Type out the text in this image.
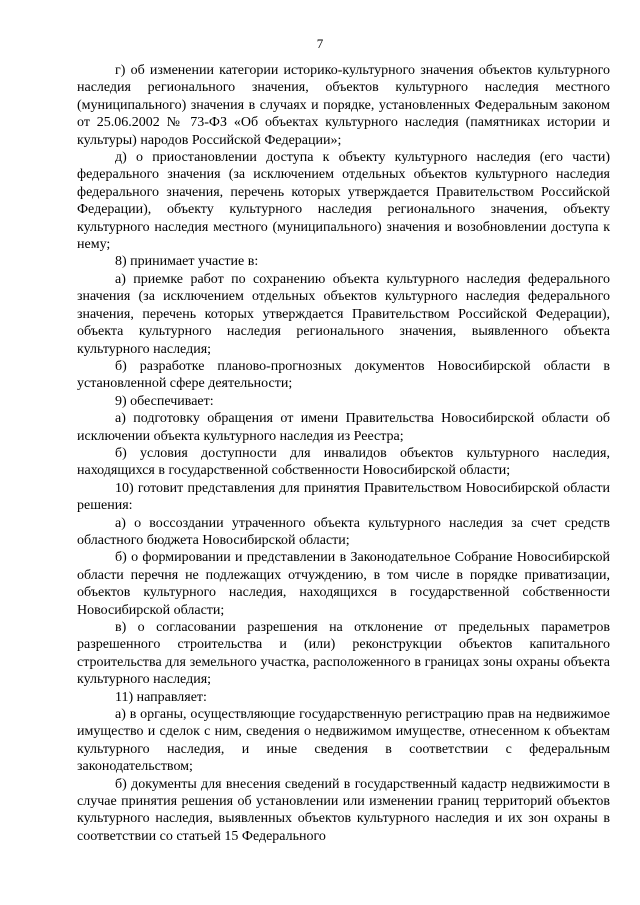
7

г) об изменении категории историко-культурного значения объектов культурного наследия регионального значения, объектов культурного наследия местного (муниципального) значения в случаях и порядке, установленных Федеральным законом от 25.06.2002 № 73-ФЗ «Об объектах культурного наследия (памятниках истории и культуры) народов Российской Федерации»;

д) о приостановлении доступа к объекту культурного наследия (его части) федерального значения (за исключением отдельных объектов культурного наследия федерального значения, перечень которых утверждается Правительством Российской Федерации), объекту культурного наследия регионального значения, объекту культурного наследия местного (муниципального) значения и возобновлении доступа к нему;

8) принимает участие в:

а) приемке работ по сохранению объекта культурного наследия федерального значения (за исключением отдельных объектов культурного наследия федерального значения, перечень которых утверждается Правительством Российской Федерации), объекта культурного наследия регионального значения, выявленного объекта культурного наследия;

б) разработке планово-прогнозных документов Новосибирской области в установленной сфере деятельности;

9) обеспечивает:

а) подготовку обращения от имени Правительства Новосибирской области об исключении объекта культурного наследия из Реестра;

б) условия доступности для инвалидов объектов культурного наследия, находящихся в государственной собственности Новосибирской области;

10) готовит представления для принятия Правительством Новосибирской области решения:

а) о воссоздании утраченного объекта культурного наследия за счет средств областного бюджета Новосибирской области;

б) о формировании и представлении в Законодательное Собрание Новосибирской области перечня не подлежащих отчуждению, в том числе в порядке приватизации, объектов культурного наследия, находящихся в государственной собственности Новосибирской области;

в) о согласовании разрешения на отклонение от предельных параметров разрешенного строительства и (или) реконструкции объектов капитального строительства для земельного участка, расположенного в границах зоны охраны объекта культурного наследия;

11) направляет:

а) в органы, осуществляющие государственную регистрацию прав на недвижимое имущество и сделок с ним, сведения о недвижимом имуществе, отнесенном к объектам культурного наследия, и иные сведения в соответствии с федеральным законодательством;

б) документы для внесения сведений в государственный кадастр недвижимости в случае принятия решения об установлении или изменении границ территорий объектов культурного наследия, выявленных объектов культурного наследия и их зон охраны в соответствии со статьей 15 Федерального
